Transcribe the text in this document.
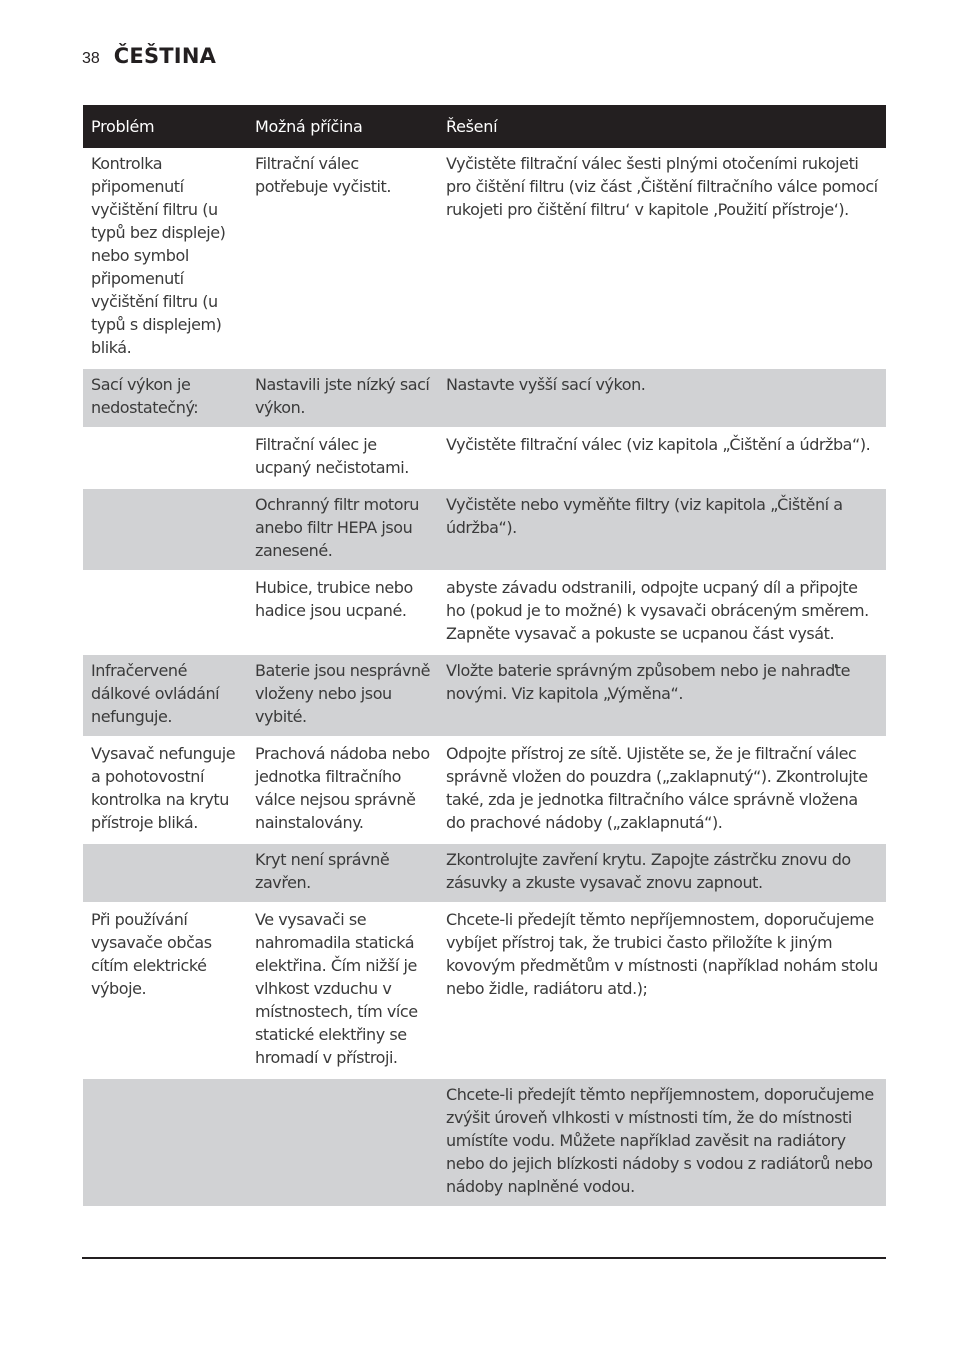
38 ČEŠTINA
Problém	Možná příčina	Řešení
Kontrolka připomenutí vyčištění filtru (u typů bez displeje) nebo symbol připomenutí vyčištění filtru (u typů s displejem) bliká.	Filtrační válec potřebuje vyčistit.	Vyčistěte filtrační válec šesti plnými otočeními rukojeti pro čištění filtru (viz část ‚Čištění filtračního válce pomocí rukojeti pro čištění filtru‘ v kapitole ‚Použití přístroje‘).
Sací výkon je nedostatečný:	Nastavili jste nízký sací výkon.	Nastavte vyšší sací výkon.
	Filtrační válec je ucpaný nečistotami.	Vyčistěte filtrační válec (viz kapitola „Čištění a údržba“).
	Ochranný filtr motoru anebo filtr HEPA jsou zanesené.	Vyčistěte nebo vyměňte filtry (viz kapitola „Čištění a údržba“).
	Hubice, trubice nebo hadice jsou ucpané.	abyste závadu odstranili, odpojte ucpaný díl a připojte ho (pokud je to možné) k vysavači obráceným směrem. Zapněte vysavač a pokuste se ucpanou část vysát.
Infračervené dálkové ovládání nefunguje.	Baterie jsou nesprávně vloženy nebo jsou vybité.	Vložte baterie správným způsobem nebo je nahraďte novými. Viz kapitola „Výměna“.
Vysavač nefunguje a pohotovostní kontrolka na krytu přístroje bliká.	Prachová nádoba nebo jednotka filtračního válce nejsou správně nainstalovány.	Odpojte přístroj ze sítě. Ujistěte se, že je filtrační válec správně vložen do pouzdra („zaklapnutý“). Zkontrolujte také, zda je jednotka filtračního válce správně vložena do prachové nádoby („zaklapnutá“).
	Kryt není správně zavřen.	Zkontrolujte zavření krytu. Zapojte zástrčku znovu do zásuvky a zkuste vysavač znovu zapnout.
Při používání vysavače občas cítím elektrické výboje.	Ve vysavači se nahromadila statická elektřina. Čím nižší je vlhkost vzduchu v místnostech, tím více statické elektřiny se hromadí v přístroji.	Chcete-li předejít těmto nepříjemnostem, doporučujeme vybíjet přístroj tak, že trubici často přiložíte k jiným kovovým předmětům v místnosti (například nohám stolu nebo židle, radiátoru atd.);
		Chcete-li předejít těmto nepříjemnostem, doporučujeme zvýšit úroveň vlhkosti v místnosti tím, že do místnosti umístíte vodu. Můžete například zavěsit na radiátory nebo do jejich blízkosti nádoby s vodou z radiátorů nebo nádoby naplněné vodou.
